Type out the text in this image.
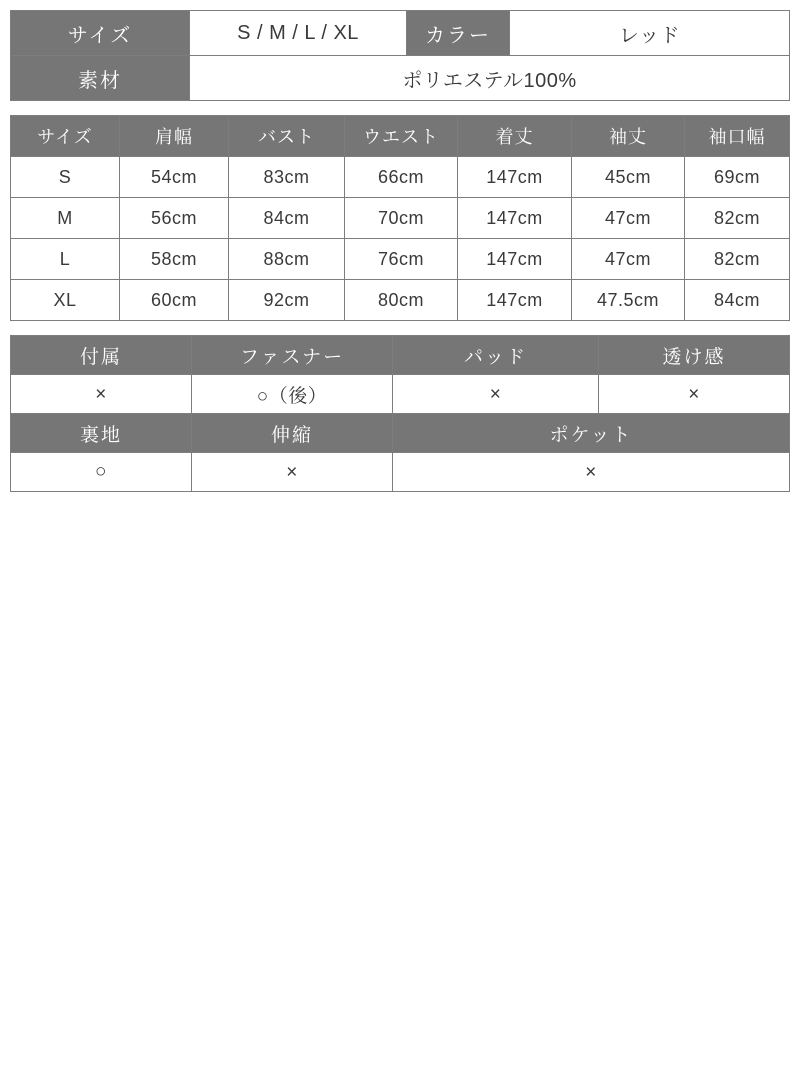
サイズ	S / M / L / XL	カラー	レッド
素材	ポリエステル100%		
サイズ	肩幅	バスト	ウエスト	着丈	袖丈	袖口幅
S	54cm	83cm	66cm	147cm	45cm	69cm
M	56cm	84cm	70cm	147cm	47cm	82cm
L	58cm	88cm	76cm	147cm	47cm	82cm
XL	60cm	92cm	80cm	147cm	47.5cm	84cm
付属	ファスナー	パッド	透け感
×	○（後）	×	×
裏地	伸縮	ポケット	
○	×	×	
